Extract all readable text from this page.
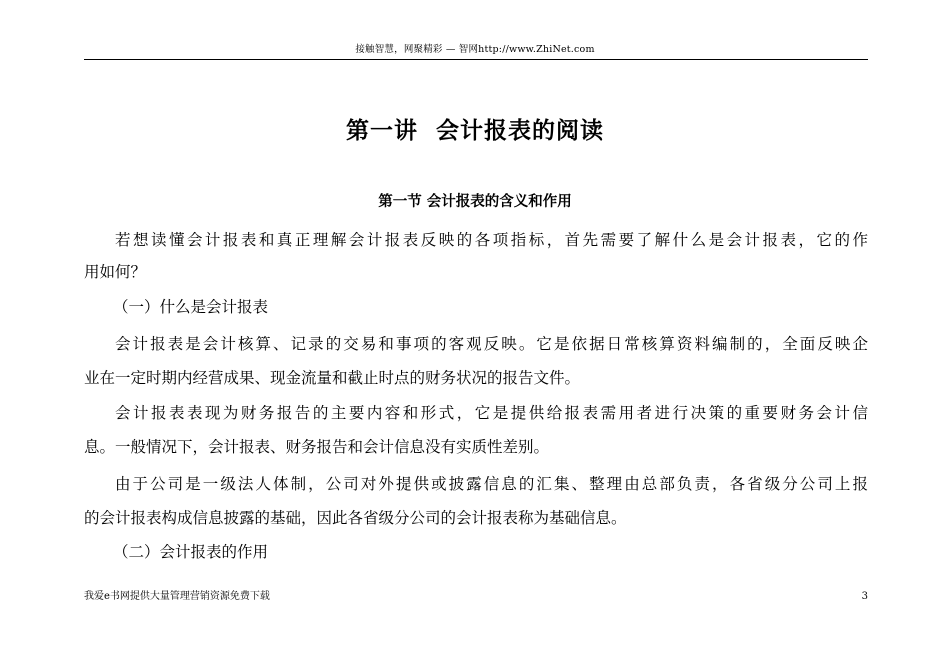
接触智慧，网聚精彩 — 智网http://www.ZhiNet.com
第一讲  会计报表的阅读
第一节 会计报表的含义和作用
若想读懂会计报表和真正理解会计报表反映的各项指标，首先需要了解什么是会计报表，它的作
用如何？
（一）什么是会计报表
会计报表是会计核算、记录的交易和事项的客观反映。它是依据日常核算资料编制的，全面反映企
业在一定时期内经营成果、现金流量和截止时点的财务状况的报告文件。
会计报表表现为财务报告的主要内容和形式，它是提供给报表需用者进行决策的重要财务会计信
息。一般情况下，会计报表、财务报告和会计信息没有实质性差别。
由于公司是一级法人体制，公司对外提供或披露信息的汇集、整理由总部负责，各省级分公司上报
的会计报表构成信息披露的基础，因此各省级分公司的会计报表称为基础信息。
（二）会计报表的作用
我爱e书网提供大量管理营销资源免费下载	3
